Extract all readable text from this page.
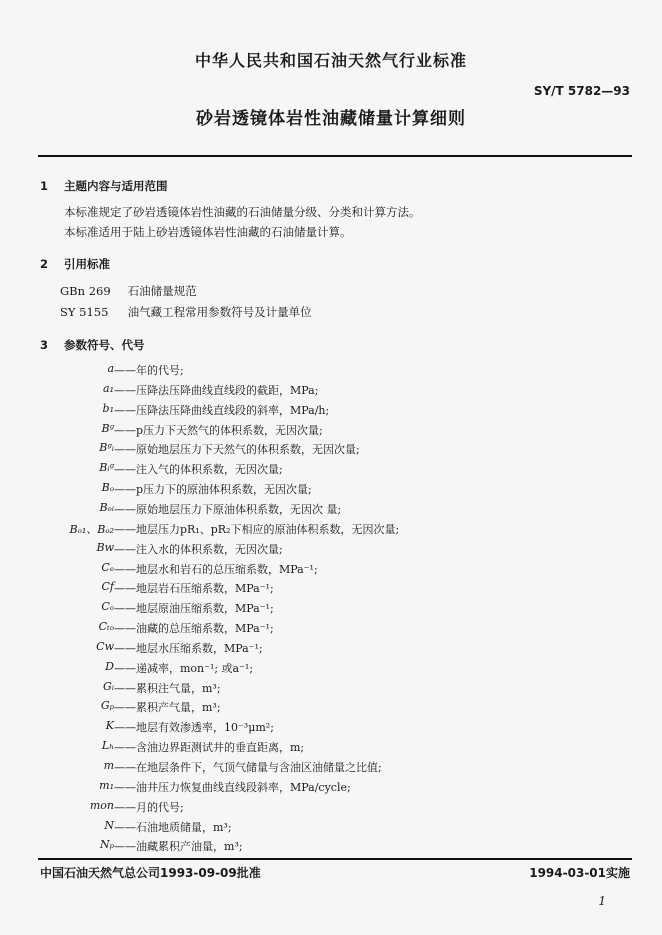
中华人民共和国石油天然气行业标准
SY/T 5782—93
砂岩透镜体岩性油藏储量计算细则
1 主题内容与适用范围
本标准规定了砂岩透镜体岩性油藏的石油储量分级、分类和计算方法。
本标准适用于陆上砂岩透镜体岩性油藏的石油储量计算。
2 引用标准
GBn 269 石油储量规范
SY 5155 油气藏工程常用参数符号及计量单位
3 参数符号、代号
a ——年的代号;
a₁ ——压降法压降曲线直线段的截距，MPa;
b₁ ——压降法压降曲线直线段的斜率，MPa/h;
Bᵍ ——p压力下天然气的体积系数，无因次量;
Bᵍᵢ ——原始地层压力下天然气的体积系数，无因次量;
Bᵢᵍ ——注入气的体积系数，无因次量;
Bₒ ——p压力下的原油体积系数，无因次量;
Bₒᵢ ——原始地层压力下原油体积系数，无因次 量;
Bₒ₁、Bₒ₂ ——地层压力pR₁、pR₂下相应的原油体积系数，无因次量;
Bw ——注入水的体积系数，无因次量;
Cₑ ——地层水和岩石的总压缩系数，MPa⁻¹;
Cf ——地层岩石压缩系数，MPa⁻¹;
Cₒ ——地层原油压缩系数，MPa⁻¹;
Cₜₒ ——油藏的总压缩系数，MPa⁻¹;
Cw ——地层水压缩系数，MPa⁻¹;
D ——递减率，mon⁻¹; 或a⁻¹;
Gᵢ ——累积注气量，m³;
Gₚ ——累积产气量，m³;
K ——地层有效渗透率，10⁻³μm²;
Lₕ ——含油边界距测试井的垂直距离，m;
m ——在地层条件下，气顶气储量与含油区油储量之比值;
m₁ ——油井压力恢复曲线直线段斜率，MPa/cycle;
mon ——月的代号;
N ——石油地质储量，m³;
Nₚ ——油藏累积产油量，m³;
中国石油天然气总公司1993-09-09批准	1994-03-01实施
1
